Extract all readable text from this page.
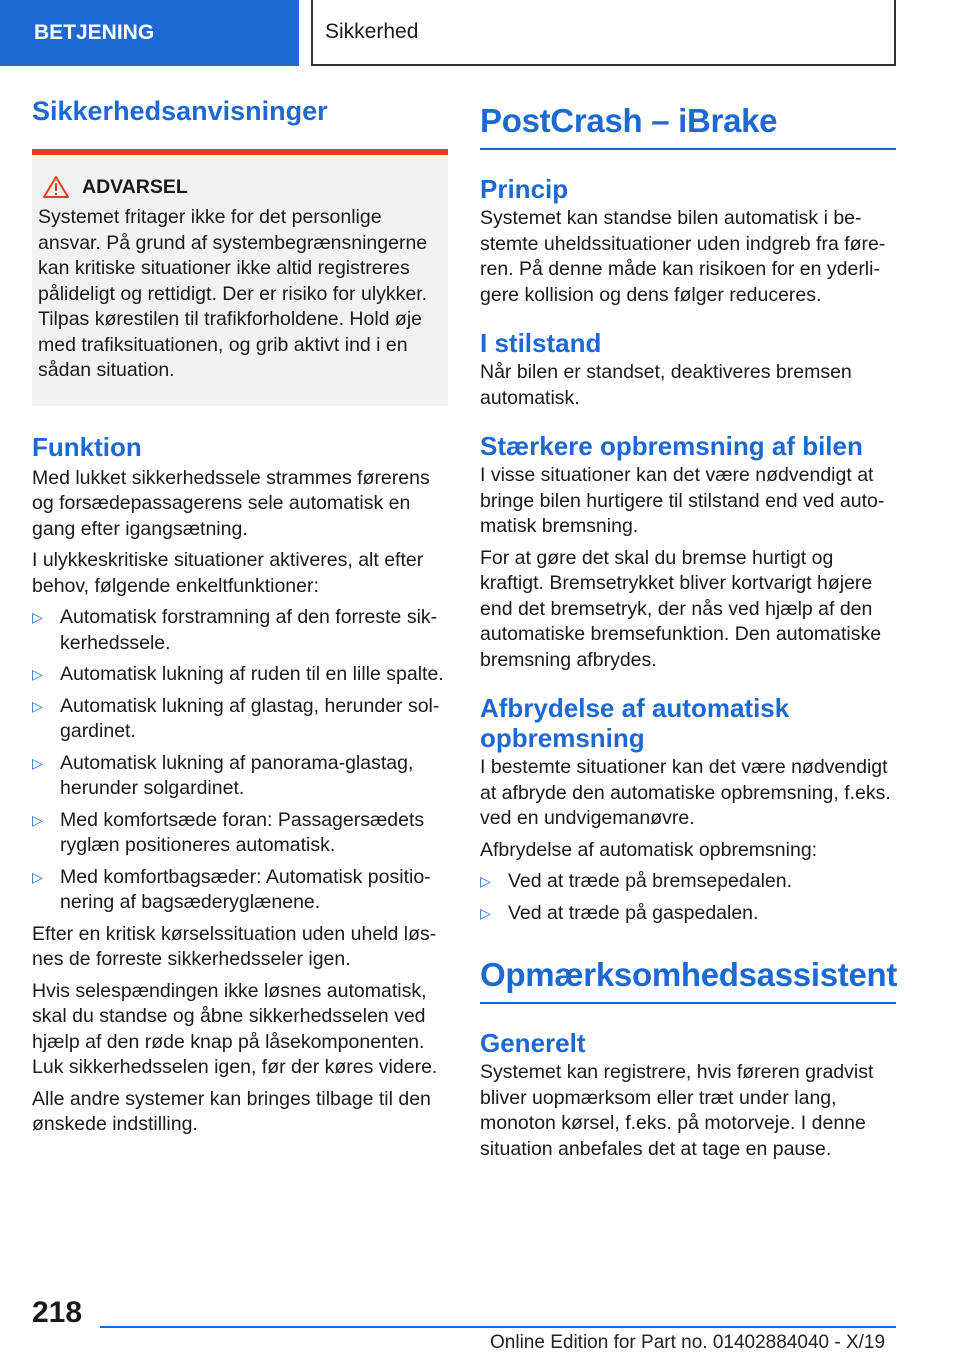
BETJENING	Sikkerhed
Sikkerhedsanvisninger
ADVARSEL

Systemet fritager ikke for det personlige ansvar. På grund af systembegrænsningerne kan kritiske situationer ikke altid registreres pålideligt og rettidigt. Der er risiko for ulykker. Tilpas kørestilen til trafikforholdene. Hold øje med trafiksituationen, og grib aktivt ind i en sådan situation.

Funktion

Med lukket sikkerhedssele strammes førerens og forsædepassagerens sele automatisk en gang efter igangsætning.

I ulykkeskritiske situationer aktiveres, alt efter behov, følgende enkeltfunktioner:

▷ Automatisk forstramning af den forreste sikkerhedssele.
▷ Automatisk lukning af ruden til en lille spalte.
▷ Automatisk lukning af glastag, herunder solgardinet.
▷ Automatisk lukning af panorama-glastag, herunder solgardinet.
▷ Med komfortsæde foran: Passagersædets ryglæn positioneres automatisk.
▷ Med komfortbagsæder: Automatisk positionering af bagsæderyglænene.

Efter en kritisk kørselssituation uden uheld løsnes de forreste sikkerhedsseler igen.

Hvis selespændingen ikke løsnes automatisk, skal du standse og åbne sikkerhedsselen ved hjælp af den røde knap på låsekomponenten. Luk sikkerhedsselen igen, før der køres videre.

Alle andre systemer kan bringes tilbage til den ønskede indstilling.

PostCrash – iBrake
Princip

Systemet kan standse bilen automatisk i bestemte uheldssituationer uden indgreb fra føreren. På denne måde kan risikoen for en yderligere kollision og dens følger reduceres.

I stilstand

Når bilen er standset, deaktiveres bremsen automatisk.

Stærkere opbremsning af bilen

I visse situationer kan det være nødvendigt at bringe bilen hurtigere til stilstand end ved automatisk bremsning.

For at gøre det skal du bremse hurtigt og kraftigt. Bremsetrykket bliver kortvarigt højere end det bremsetryk, der nås ved hjælp af den automatiske bremsefunktion. Den automatiske bremsning afbrydes.

Afbrydelse af automatisk opbremsning

I bestemte situationer kan det være nødvendigt at afbryde den automatiske opbremsning, f.eks. ved en undvigemanøvre.

Afbrydelse af automatisk opbremsning:

▷ Ved at træde på bremsepedalen.
▷ Ved at træde på gaspedalen.
Opmærksomhedsassistent
Generelt

Systemet kan registrere, hvis føreren gradvist bliver uopmærksom eller træt under lang, monoton kørsel, f.eks. på motorveje. I denne situation anbefales det at tage en pause.

218
Online Edition for Part no. 01402884040 - X/19
